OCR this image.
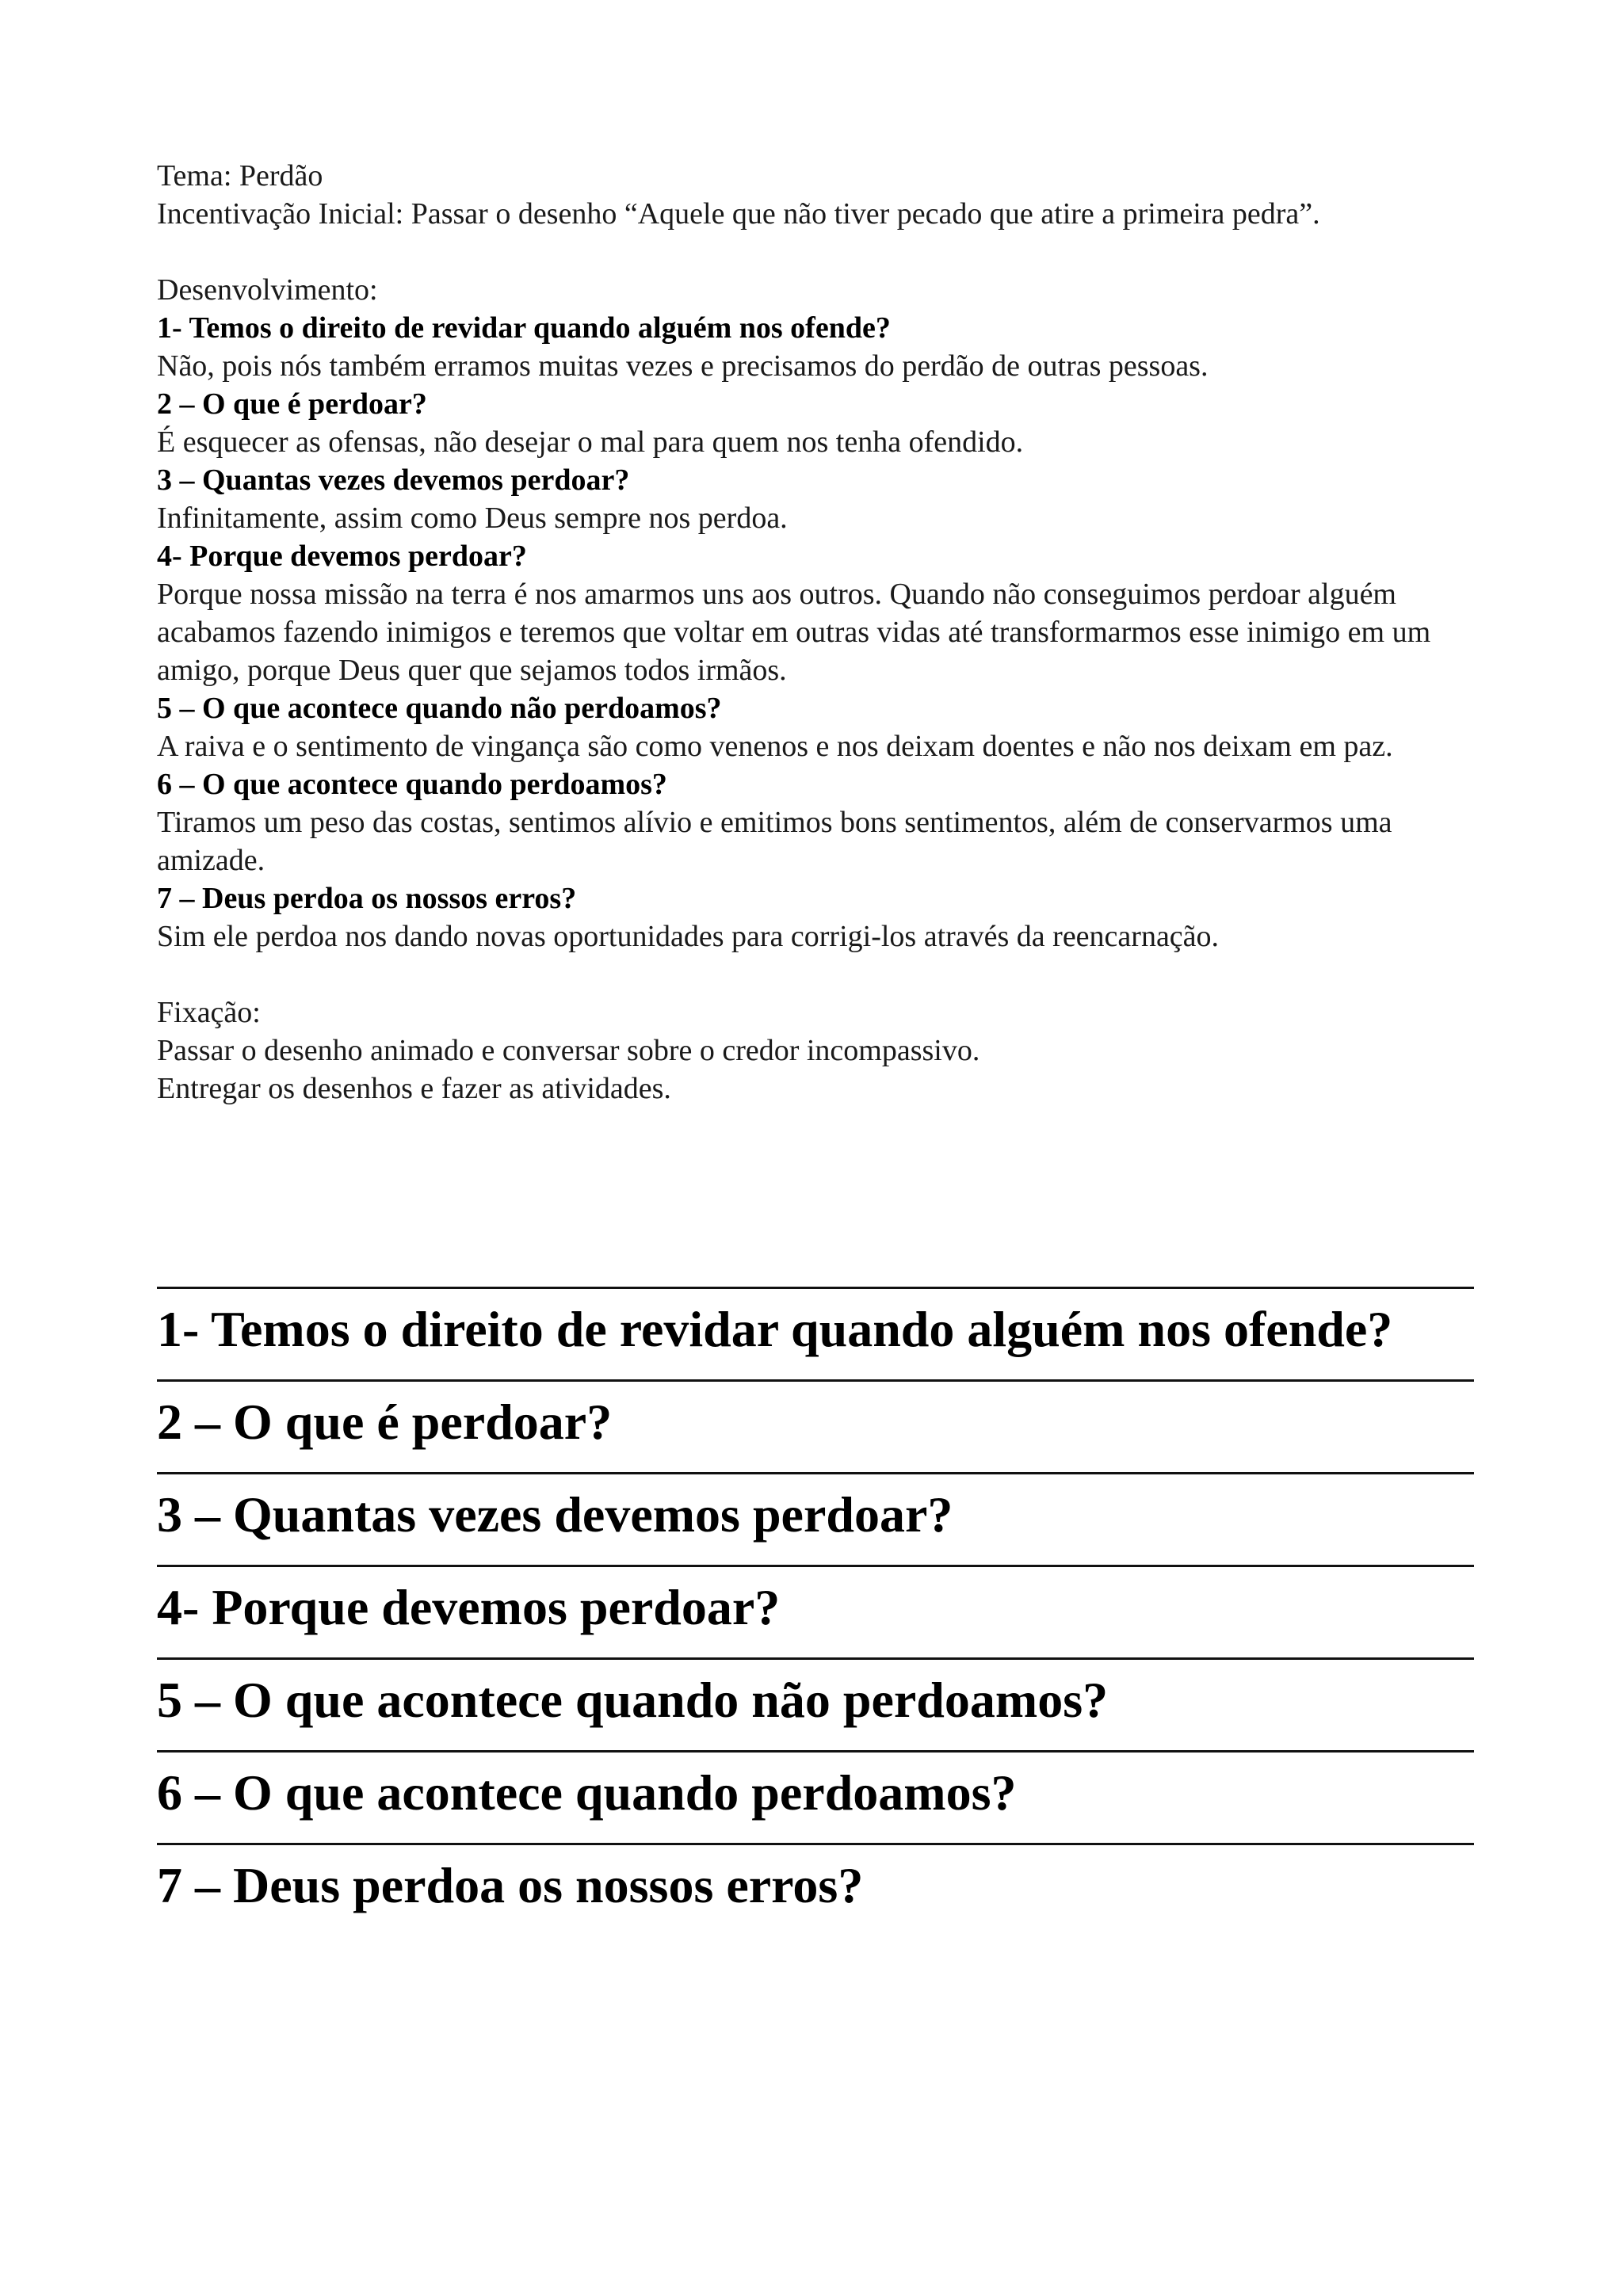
Tema: Perdão

Incentivação Inicial: Passar o desenho “Aquele que não tiver pecado que atire a primeira pedra”.

Desenvolvimento:

1- Temos o direito de revidar quando alguém nos ofende?

Não, pois nós também erramos muitas vezes e precisamos do perdão de outras pessoas.

2 – O que é perdoar?

É esquecer as ofensas, não desejar o mal para quem nos tenha ofendido.

3 – Quantas vezes devemos perdoar?

Infinitamente, assim como Deus sempre nos perdoa.

4- Porque devemos perdoar?

Porque nossa missão na terra é nos amarmos uns aos outros. Quando não conseguimos perdoar alguém acabamos fazendo inimigos e teremos que voltar em outras vidas até transformarmos esse inimigo em um amigo, porque Deus quer que sejamos todos irmãos.

5 – O que acontece quando não perdoamos?

A raiva e o sentimento de vingança são como venenos e nos deixam doentes e não nos deixam em paz.

6 – O que acontece quando perdoamos?

Tiramos um peso das costas, sentimos alívio e emitimos bons sentimentos, além de conservarmos uma amizade.

7 – Deus perdoa os nossos erros?

Sim ele perdoa nos dando novas oportunidades para corrigi-los através da reencarnação.

Fixação:

Passar o desenho animado e conversar sobre o credor incompassivo.

Entregar os desenhos e fazer as atividades.

1- Temos o direito de revidar quando alguém nos ofende?
2 – O que é perdoar?
3 – Quantas vezes devemos perdoar?
4- Porque devemos perdoar?
5 – O que acontece quando não perdoamos?
6 – O que acontece quando perdoamos?
7 – Deus perdoa os nossos erros?
